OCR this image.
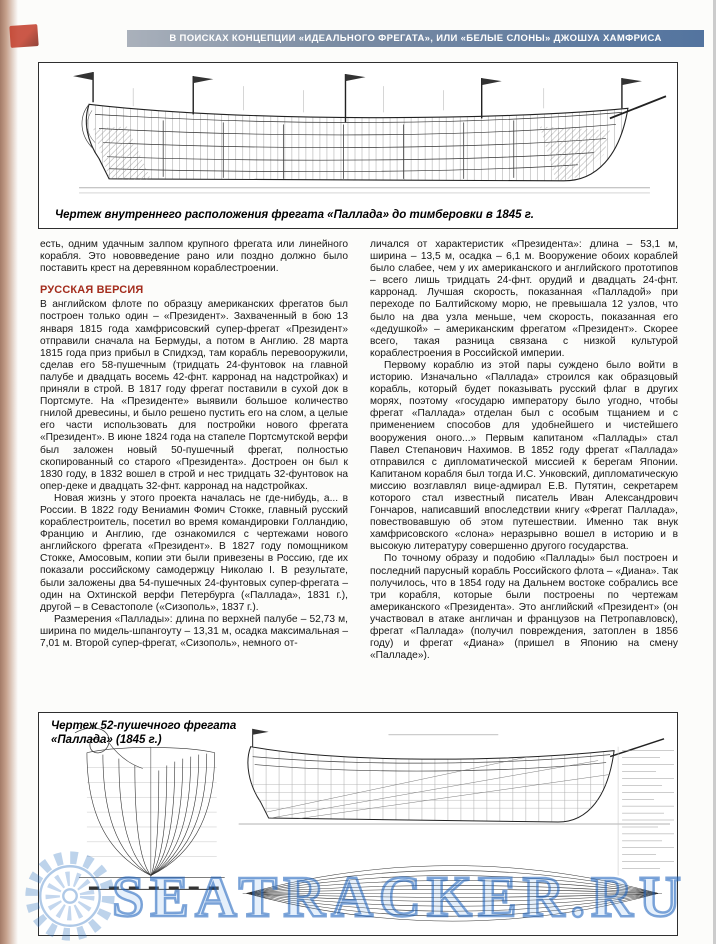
В ПОИСКАХ КОНЦЕПЦИИ «ИДЕАЛЬНОГО ФРЕГАТА», ИЛИ «БЕЛЫЕ СЛОНЫ» ДЖОШУА ХАМФРИСА
Чертеж внутреннего расположения фрегата «Паллада» до тимберовки в 1845 г.

есть, одним удачным залпом крупного фрегата или линейного корабля. Это нововведение рано или поздно должно было поставить крест на деревянном кораблестроении.

РУССКАЯ ВЕРСИЯ

В английском флоте по образцу американских фрегатов был построен только один – «Президент». Захваченный в бою 13 января 1815 года хамфрисовский супер-фрегат «Президент» отправили сначала на Бермуды, а потом в Англию. 28 марта 1815 года приз прибыл в Спидхэд, там корабль перевооружили, сделав его 58-пушечным (тридцать 24-фунтовок на главной палубе и двадцать восемь 42-фнт. карронад на надстройках) и приняли в строй. В 1817 году фрегат поставили в сухой док в Портсмуте. На «Президенте» выявили большое количество гнилой древесины, и было решено пустить его на слом, а целые его части использовать для постройки нового фрегата «Президент». В июне 1824 года на стапеле Портсмутской верфи был заложен новый 50-пушечный фрегат, полностью скопированный со старого «Президента». Достроен он был к 1830 году, в 1832 вошел в строй и нес тридцать 32-фунтовок на опер-деке и двадцать 32-фнт. карронад на надстройках.

Новая жизнь у этого проекта началась не где-нибудь, а... в России. В 1822 году Вениамин Фомич Стокке, главный русский кораблестроитель, посетил во время командировки Голландию, Францию и Англию, где ознакомился с чертежами нового английского фрегата «Президент». В 1827 году помощником Стокке, Амосовым, копии эти были привезены в Россию, где их показали российскому самодержцу Николаю I. В результате, были заложены два 54-пушечных 24-фунтовых супер-фрегата – один на Охтинской верфи Петербурга («Паллада», 1831 г.), другой – в Севастополе («Сизополь», 1837 г.).

Размерения «Паллады»: длина по верхней палубе – 52,73 м, ширина по мидель-шпангоуту – 13,31 м, осадка максимальная – 7,01 м. Второй супер-фрегат, «Сизополь», немного от-

личался от характеристик «Президента»: длина – 53,1 м, ширина – 13,5 м, осадка – 6,1 м. Вооружение обоих кораблей было слабее, чем у их американского и английского прототипов – всего лишь тридцать 24-фнт. орудий и двадцать 24-фнт. карронад. Лучшая скорость, показанная «Палладой» при переходе по Балтийскому морю, не превышала 12 узлов, что было на два узла меньше, чем скорость, показанная его «дедушкой» – американским фрегатом «Президент». Скорее всего, такая разница связана с низкой культурой кораблестроения в Российской империи.

Первому кораблю из этой пары суждено было войти в историю. Изначально «Паллада» строился как образцовый корабль, который будет показывать русский флаг в других морях, поэтому «государю императору было угодно, чтобы фрегат «Паллада» отделан был с особым тщанием и с применением способов для удобнейшего и чистейшего вооружения оного...» Первым капитаном «Паллады» стал Павел Степанович Нахимов. В 1852 году фрегат «Паллада» отправился с дипломатической миссией к берегам Японии. Капитаном корабля был тогда И.С. Унковский, дипломатическую миссию возглавлял вице-адмирал Е.В. Путятин, секретарем которого стал известный писатель Иван Александрович Гончаров, написавший впоследствии книгу «Фрегат Паллада», повествовавшую об этом путешествии. Именно так внук хамфрисовского «слона» неразрывно вошел в историю и в высокую литературу совершенно другого государства.

По точному образу и подобию «Паллады» был построен и последний парусный корабль Российского флота – «Диана». Так получилось, что в 1854 году на Дальнем востоке собрались все три корабля, которые были построены по чертежам американского «Президента». Это английский «Президент» (он участвовал в атаке англичан и французов на Петропавловск), фрегат «Паллада» (получил повреждения, затоплен в 1856 году) и фрегат «Диана» (пришел в Японию на смену «Палладе»).

Чертеж 52-пушечного фрегата
«Паллада» (1845 г.)
SEATRACKER.RU
